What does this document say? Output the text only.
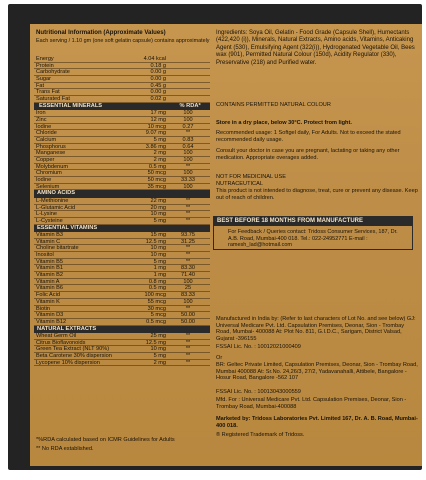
Nutritional Information (Approximate Values)
Each serving / 1.10 gm (one soft gelatin capsule) contains approximately
Energy	4.04 kcal
Protein	0.18 g
Carbohydrate	0.00 g
Sugar	0.00 g
Fat	0.45 g
Trans Fat	0.00 g
Saturated Fat	0.02 g
ESSENTIAL MINERALS	% RDA*
Iron	17 mg	100
Zinc	12 mg	100
Iodine	10 mcg	0.27
Chloride	9.07 mg	**
Calcium	5 mg	0.83
Phosphorus	3.86 mg	0.64
Manganese	2 mg	100
Copper	2 mg	100
Molybdenum	0.5 mg	**
Chromium	50 mcg	100
Iodine	50 mcg	33.33
Selenium	35 mcg	100
AMINO ACIDS
L-Methionine	22 mg	**
L-Glutamic Acid	20 mg	**
L-Lysine	10 mg	**
L-Cysteine	5 mg	**
ESSENTIAL VITAMINS
Vitamin B3	15 mg	93.75
Vitamin C	12.5 mg	31.25
Choline bitartrate	10 mg	**
Inositol	10 mg	**
Vitamin B5	5 mg	**
Vitamin B1	1 mg	83.30
Vitamin B2	1 mg	71.40
Vitamin A	0.8 mg	100
Vitamin B6	0.5 mg	25
Folic Acid	100 mcg	83.33
Vitamin K	55 mcg	100
Biotin	30 mcg	**
Vitamin D3	5 mcg	50.00
Vitamin B12	0.5 mcg	50.00
NATURAL EXTRACTS
Wheat Germ Oil	25 mg	**
Citrus Bioflavonoids	12.5 mg	**
Green Tea Extract (NLT 90%)	10 mg	**
Beta Carotene 30% dispersion	5 mg	**
Lycopene 10% dispersion	2 mg	**
*%RDA calculated based on ICMR Guidelines for Adults
** No RDA established.

Ingredients: Soya Oil, Gelatin - Food Grade (Capsule Shell), Humectants (422,420 (i)), Minerals, Natural Extracts, Amino acids, Vitamins, Anticaking Agent (530), Emulsifying Agent (322(i)), Hydrogenated Vegetable Oil, Bees wax (901), Permitted Natural Colour (150d), Acidity Regulator (330), Preservative (218) and Purified water.

CONTAINS PERMITTED NATURAL COLOUR
Store in a dry place, below 30°C. Protect from light.

Recommended usage: 1 Softgel daily, For Adults. Not to exceed the stated recommended daily usage.

Consult your doctor in case you are pregnant, lactating or taking any other medication. Appropriate overages added.

NOT FOR MEDICINAL USE
NUTRACEUTICAL

This product is not intended to diagnose, treat, cure or prevent any disease. Keep out of reach of children.

BEST BEFORE 18 MONTHS FROM MANUFACTURE
For Feedback / Queries contact: Tridoss Consumer Services, 187, Dr. A.B. Road, Mumbai-400 018. Tel.: 022-24952771 E-mail : ramesh_lad@hotmail.com

Manufactured in India by: (Refer to last characters of Lot No. and see below) GJ: Universal Medicare Pvt. Ltd. Capsulation Premises, Deonar, Sion - Trombay Road, Mumbai- 400088 At: Plot No. 811, G.I.D.C., Sarigam, District Valsad, Gujarat -396155

FSSAI Lic. No. : 10012021000409
Or

BR: Geltec Private Limited, Capsulation Premises, Deonar, Sion - Trombay Road, Mumbai 400088 At: Sr.No. 24,26/3, 27/2, Yadavanahalli, Attibele, Bangalore - Hosur Road, Bangalore -562 107

FSSAI Lic. No. : 10013043000559

Mfd. For : Universal Medicare Pvt. Ltd. Capsulation Premises, Deonar, Sion - Trombay Road, Mumbai-400088

Marketed by: Tridoss Laboratories Pvt. Limited 167, Dr. A. B. Road, Mumbai-400 018.

® Registered Trademark of Tridoss.
